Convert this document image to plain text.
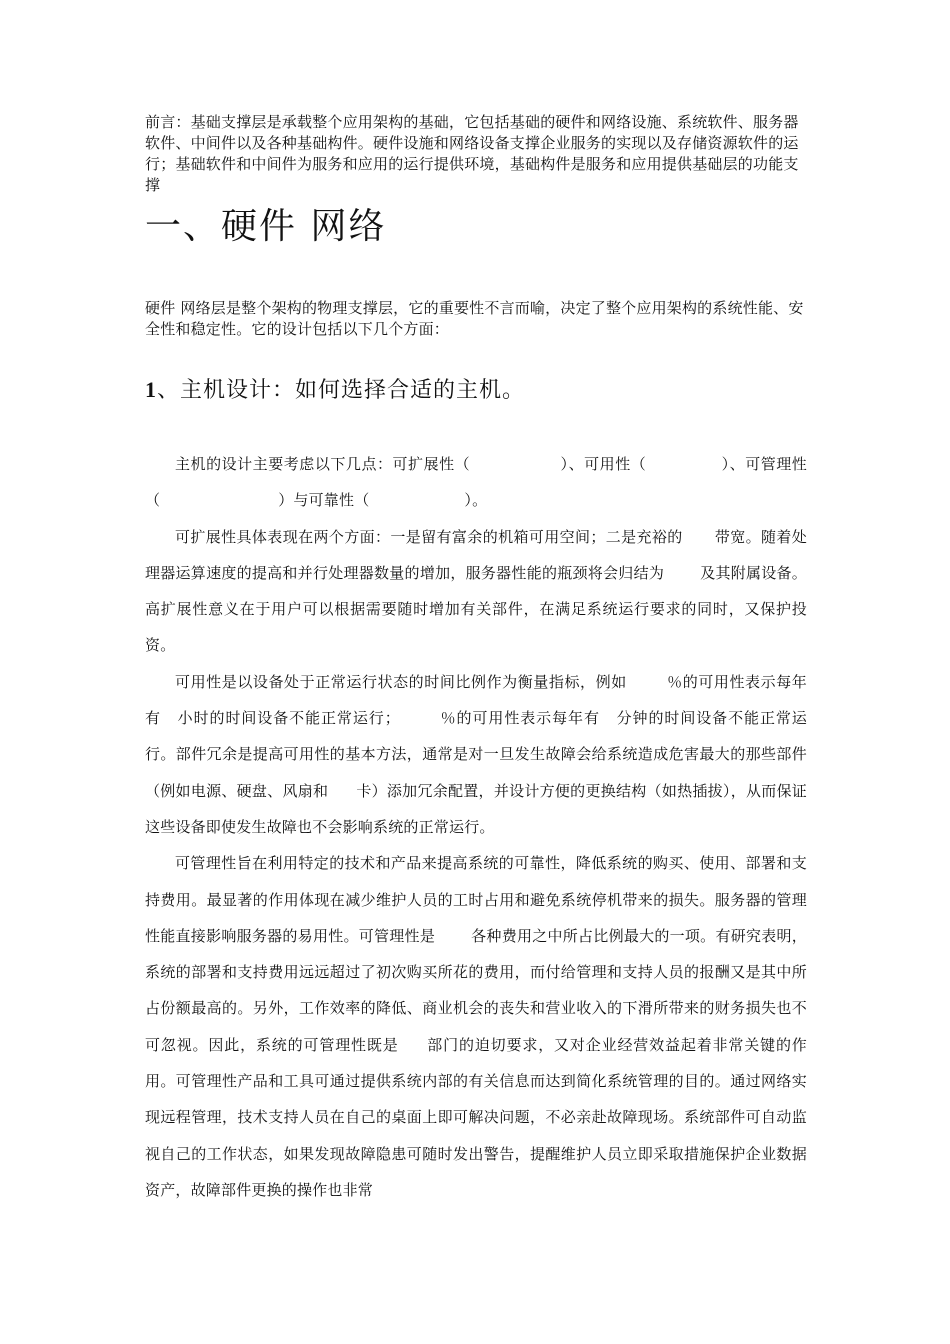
前言：基础支撑层是承载整个应用架构的基础，它包括基础的硬件和网络设施、系统软件、服务器软件、中间件以及各种基础构件。硬件设施和网络设备支撑企业服务的实现以及存储资源软件的运行；基础软件和中间件为服务和应用的运行提供环境，基础构件是服务和应用提供基础层的功能支撑

一、硬件 网络

硬件 网络层是整个架构的物理支撑层，它的重要性不言而喻，决定了整个应用架构的系统性能、安全性和稳定性。它的设计包括以下几个方面：

1、主机设计：如何选择合适的主机。

主机的设计主要考虑以下几点：可扩展性（	）、可用性（	）、可管理性（	）与可靠性（	）。

可扩展性具体表现在两个方面：一是留有富余的机箱可用空间；二是充裕的 带宽。随着处理器运算速度的提高和并行处理器数量的增加，服务器性能的瓶颈将会归结为 及其附属设备。高扩展性意义在于用户可以根据需要随时增加有关部件，在满足系统运行要求的同时，又保护投资。

可用性是以设备处于正常运行状态的时间比例作为衡量指标，例如	％的可用性表示每年有 小时的时间设备不能正常运行；	％的可用性表示每年有 分钟的时间设备不能正常运行。部件冗余是提高可用性的基本方法，通常是对一旦发生故障会给系统造成危害最大的那些部件（例如电源、硬盘、风扇和 卡）添加冗余配置，并设计方便的更换结构（如热插拔），从而保证这些设备即使发生故障也不会影响系统的正常运行。

可管理性旨在利用特定的技术和产品来提高系统的可靠性，降低系统的购买、使用、部署和支持费用。最显著的作用体现在减少维护人员的工时占用和避免系统停机带来的损失。服务器的管理性能直接影响服务器的易用性。可管理性是 各种费用之中所占比例最大的一项。有研究表明，系统的部署和支持费用远远超过了初次购买所花的费用，而付给管理和支持人员的报酬又是其中所占份额最高的。另外，工作效率的降低、商业机会的丧失和营业收入的下滑所带来的财务损失也不可忽视。因此，系统的可管理性既是 部门的迫切要求，又对企业经营效益起着非常关键的作用。可管理性产品和工具可通过提供系统内部的有关信息而达到简化系统管理的目的。通过网络实现远程管理，技术支持人员在自己的桌面上即可解决问题，不必亲赴故障现场。系统部件可自动监视自己的工作状态，如果发现故障隐患可随时发出警告，提醒维护人员立即采取措施保护企业数据资产，故障部件更换的操作也非常
